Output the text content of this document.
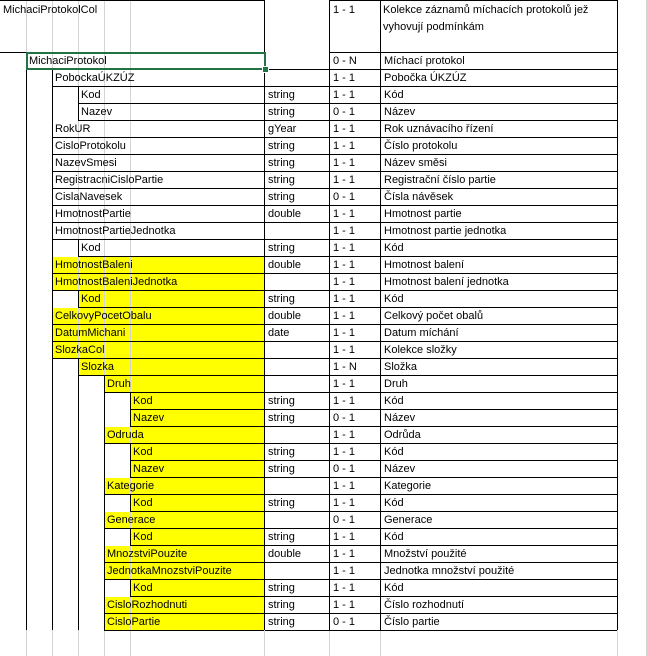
MichaciProtokolCol	1 - 1	Kolekce záznamů míchacích protokolů jež
vyhovují podmínkám
MichaciProtokol	0 - N Míchací protokol
PobockaÚKZÚZ	1 - 1	Pobočka ÚKZÚZ
Kod	string	1 - 1	Kód
Nazev	string	0 - 1	Název
RokUR	gYear	1 - 1	Rok uznávacího řízení
CisloProtokolu	string	1 - 1	Číslo protokolu
NazevSmesi	string	1 - 1	Název směsi
RegistracniCisloPartie	string	1 - 1	Registrační číslo partie
CislaNavesek	string	0 - 1	Čísla návěsek
HmotnostPartie	double	1 - 1	Hmotnost partie
HmotnostPartieJednotka	1 - 1	Hmotnost partie jednotka
Kod	string	1 - 1	Kód
HmotnostBaleni	double	1 - 1	Hmotnost balení
HmotnostBaleniJednotka	1 - 1	Hmotnost balení jednotka
Kod	string	1 - 1	Kód
CelkovyPocetObalu	double	1 - 1	Celkový počet obalů
DatumMichani	date	1 - 1	Datum míchání
SlozkaCol	1 - 1	Kolekce složky
Slozka	1 - N Složka
Druh	1 - 1	Druh
Kod	string	1 - 1	Kód
Nazev	string	0 - 1	Název
Odruda	1 - 1	Odrůda
Kod	string	1 - 1	Kód
Nazev	string	0 - 1	Název
Kategorie	1 - 1	Kategorie
Kod	string	1 - 1	Kód
Generace	0 - 1	Generace
Kod	string	1 - 1	Kód
MnozstviPouzite	double	1 - 1	Množství použité
JednotkaMnozstviPouzite	1 - 1	Jednotka množství použité
Kod	string	1 - 1	Kód
CisloRozhodnuti	string	1 - 1	Číslo rozhodnutí
CisloPartie	string	0 - 1	Číslo partie
